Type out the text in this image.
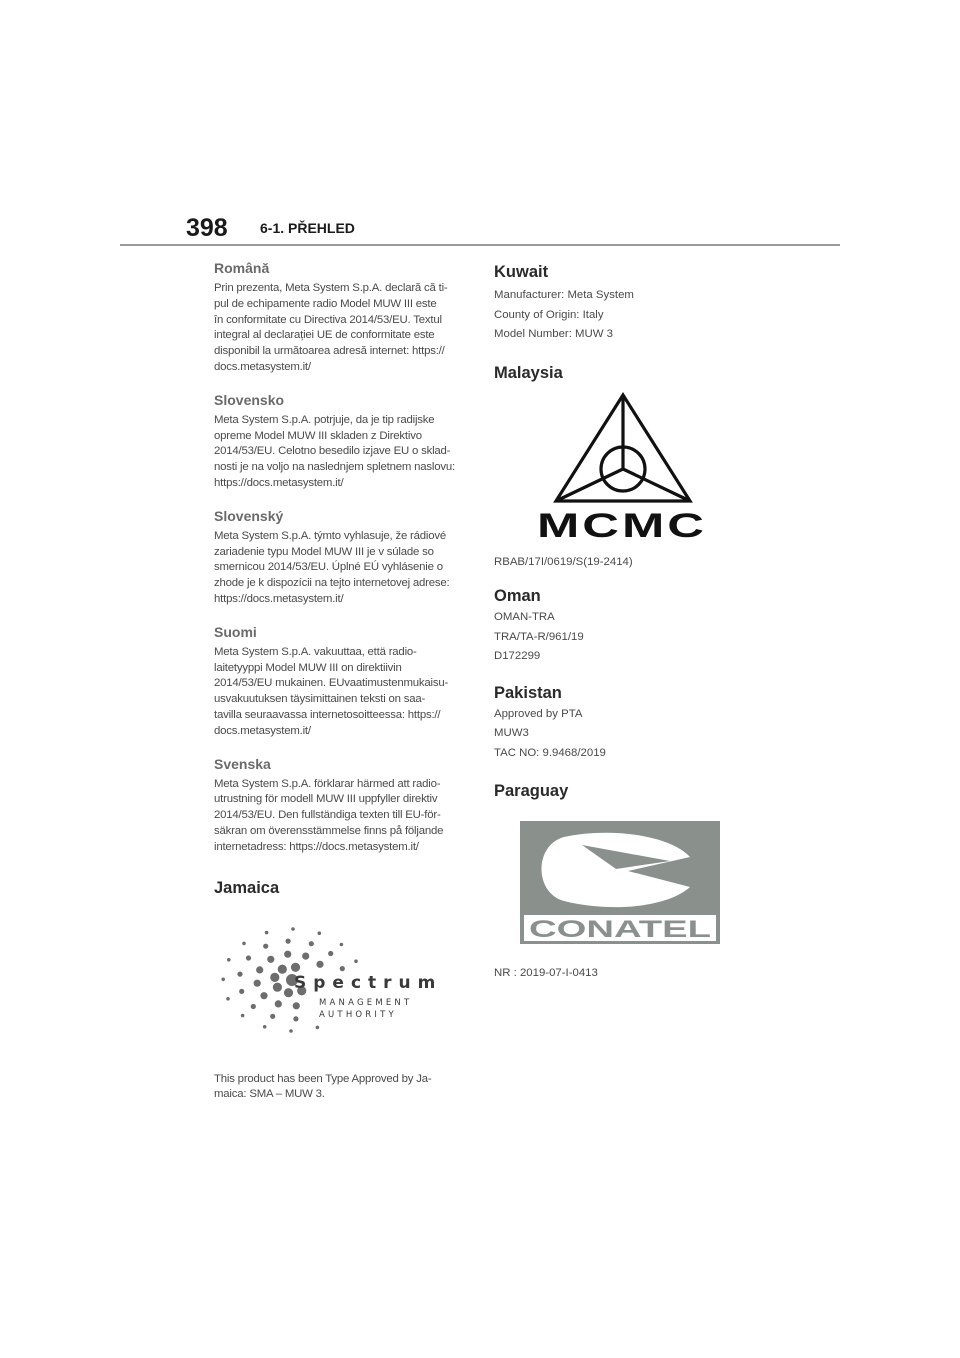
398 6-1. PŘEHLED
Română

Prin prezenta, Meta System S.p.A. declară că ti-

pul de echipamente radio Model MUW III este

în conformitate cu Directiva 2014/53/EU. Textul

integral al declarației UE de conformitate este

disponibil la următoarea adresă internet: https://

docs.metasystem.it/

Slovensko

Meta System S.p.A. potrjuje, da je tip radijske

opreme Model MUW III skladen z Direktivo

2014/53/EU. Celotno besedilo izjave EU o sklad-

nosti je na voljo na naslednjem spletnem naslovu:

https://docs.metasystem.it/

Slovenský

Meta System S.p.A. týmto vyhlasuje, že rádiové

zariadenie typu Model MUW III je v súlade so

smernicou 2014/53/EU. Úplné EÚ vyhlásenie o

zhode je k dispozícii na tejto internetovej adrese:

https://docs.metasystem.it/

Suomi

Meta System S.p.A. vakuuttaa, että radio-

laitetyyppi Model MUW III on direktiivin

2014/53/EU mukainen. EUvaatimustenmukaisu-

usvakuutuksen täysimittainen teksti on saa-

tavilla seuraavassa internetosoitteessa: https://

docs.metasystem.it/

Svenska

Meta System S.p.A. förklarar härmed att radio-

utrustning för modell MUW III uppfyller direktiv

2014/53/EU. Den fullständiga texten till EU-för-

säkran om överensstämmelse finns på följande

internetadress: https://docs.metasystem.it/

Jamaica
Spectrum
MANAGEMENT
AUTHORITY

This product has been Type Approved by Ja-

maica: SMA – MUW 3.

Kuwait

Manufacturer: Meta System

County of Origin: Italy

Model Number: MUW 3

Malaysia
MCMC

RBAB/17I/0619/S(19-2414)

Oman

OMAN-TRA

TRA/TA-R/961/19

D172299

Pakistan

Approved by PTA

MUW3

TAC NO: 9.9468/2019

Paraguay
CONATEL

NR : 2019-07-I-0413
